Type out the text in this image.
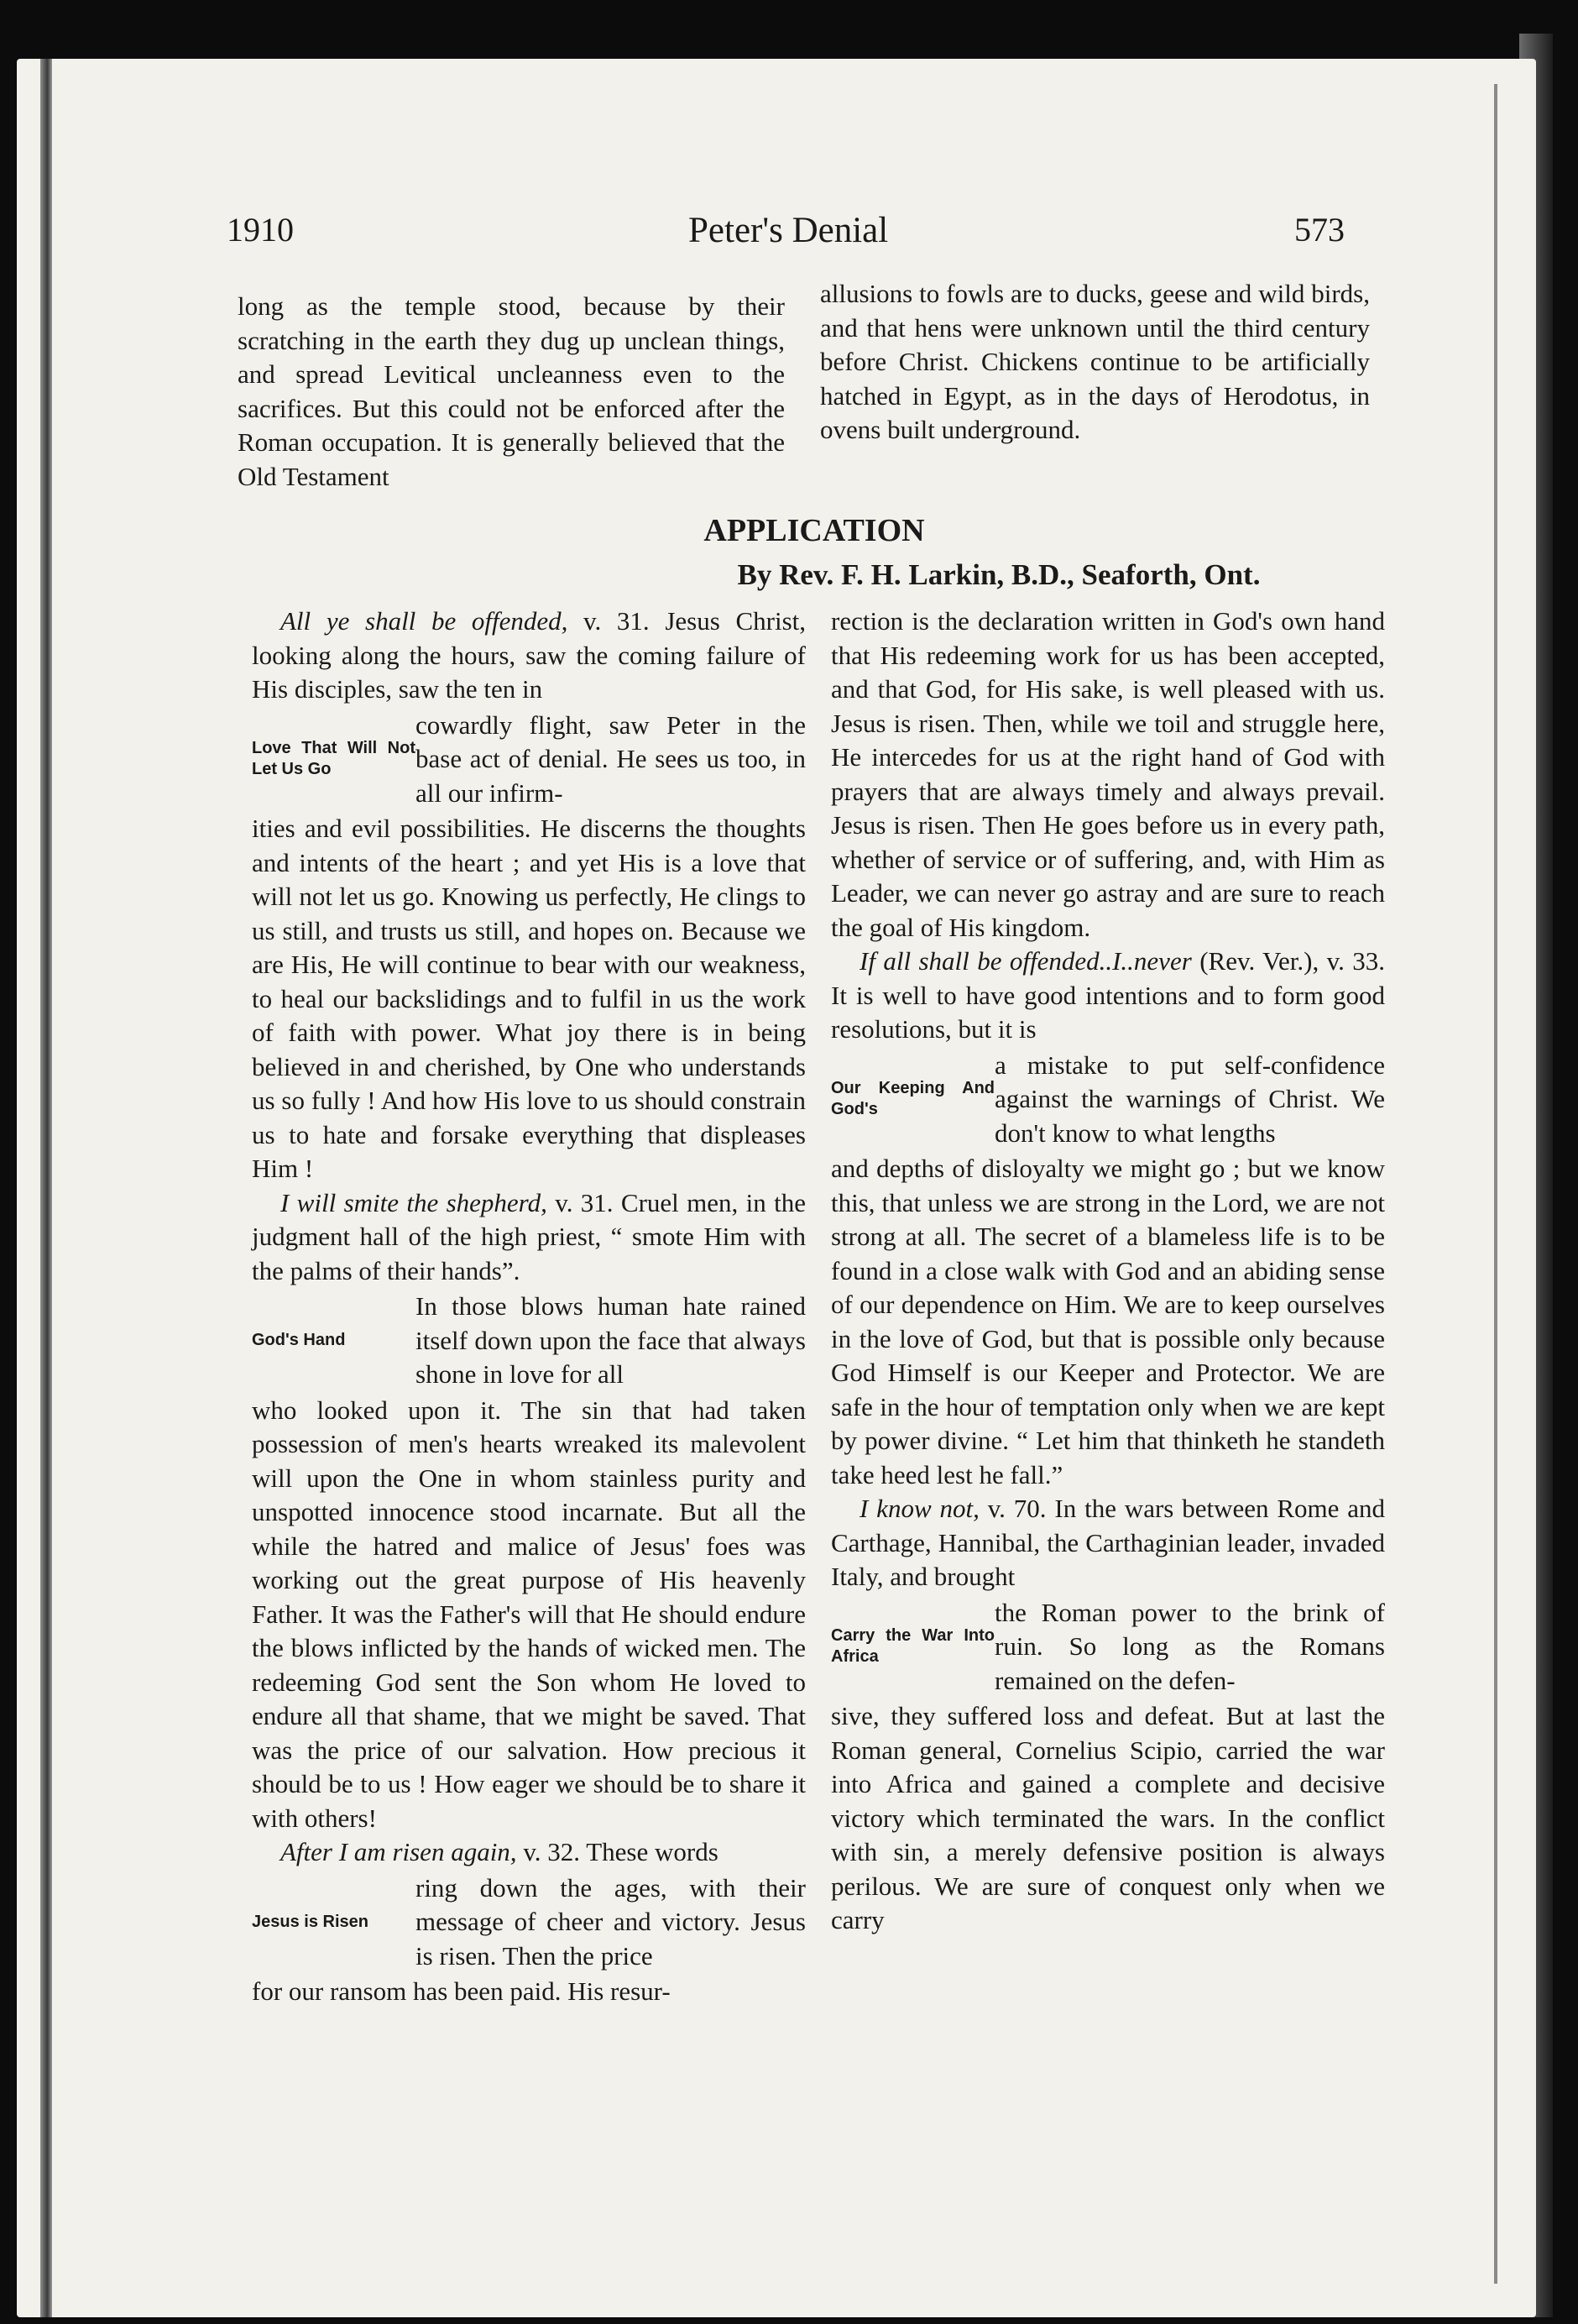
1910	Peter's Denial	573

long as the temple stood, because by their scratching in the earth they dug up unclean things, and spread Levitical uncleanness even to the sacrifices. But this could not be enforced after the Roman occupation. It is generally believed that the Old Testament

allusions to fowls are to ducks, geese and wild birds, and that hens were unknown until the third century before Christ. Chickens continue to be artificially hatched in Egypt, as in the days of Herodotus, in ovens built underground.

APPLICATION
By Rev. F. H. Larkin, B.D., Seaforth, Ont.

All ye shall be offended, v. 31. Jesus Christ, looking along the hours, saw the coming failure of His disciples, saw the ten in

Love That Will Not Let Us Go
cowardly flight, saw Peter in the base act of denial. He sees us too, in all our infirm-

ities and evil possibilities. He discerns the thoughts and intents of the heart ; and yet His is a love that will not let us go. Knowing us perfectly, He clings to us still, and trusts us still, and hopes on. Because we are His, He will continue to bear with our weakness, to heal our backslidings and to fulfil in us the work of faith with power. What joy there is in being believed in and cherished, by One who understands us so fully ! And how His love to us should constrain us to hate and forsake everything that displeases Him !

I will smite the shepherd, v. 31. Cruel men, in the judgment hall of the high priest, “ smote Him with the palms of their hands”.

God's Hand
In those blows human hate rained itself down upon the face that always shone in love for all

who looked upon it. The sin that had taken possession of men's hearts wreaked its malevolent will upon the One in whom stainless purity and unspotted innocence stood incarnate. But all the while the hatred and malice of Jesus' foes was working out the great purpose of His heavenly Father. It was the Father's will that He should endure the blows inflicted by the hands of wicked men. The redeeming God sent the Son whom He loved to endure all that shame, that we might be saved. That was the price of our salvation. How precious it should be to us ! How eager we should be to share it with others!

After I am risen again, v. 32. These words

Jesus is Risen
ring down the ages, with their message of cheer and victory. Jesus is risen. Then the price

for our ransom has been paid. His resur-

rection is the declaration written in God's own hand that His redeeming work for us has been accepted, and that God, for His sake, is well pleased with us. Jesus is risen. Then, while we toil and struggle here, He intercedes for us at the right hand of God with prayers that are always timely and always prevail. Jesus is risen. Then He goes before us in every path, whether of service or of suffering, and, with Him as Leader, we can never go astray and are sure to reach the goal of His kingdom.

If all shall be offended..I..never (Rev. Ver.), v. 33. It is well to have good intentions and to form good resolutions, but it is

Our Keeping And God's
a mistake to put self-confidence against the warnings of Christ. We don't know to what lengths

and depths of disloyalty we might go ; but we know this, that unless we are strong in the Lord, we are not strong at all. The secret of a blameless life is to be found in a close walk with God and an abiding sense of our dependence on Him. We are to keep ourselves in the love of God, but that is possible only because God Himself is our Keeper and Protector. We are safe in the hour of temptation only when we are kept by power divine. “ Let him that thinketh he standeth take heed lest he fall.”

I know not, v. 70. In the wars between Rome and Carthage, Hannibal, the Carthaginian leader, invaded Italy, and brought

Carry the War Into Africa
the Roman power to the brink of ruin. So long as the Romans remained on the defen-

sive, they suffered loss and defeat. But at last the Roman general, Cornelius Scipio, carried the war into Africa and gained a complete and decisive victory which terminated the wars. In the conflict with sin, a merely defensive position is always perilous. We are sure of conquest only when we carry
